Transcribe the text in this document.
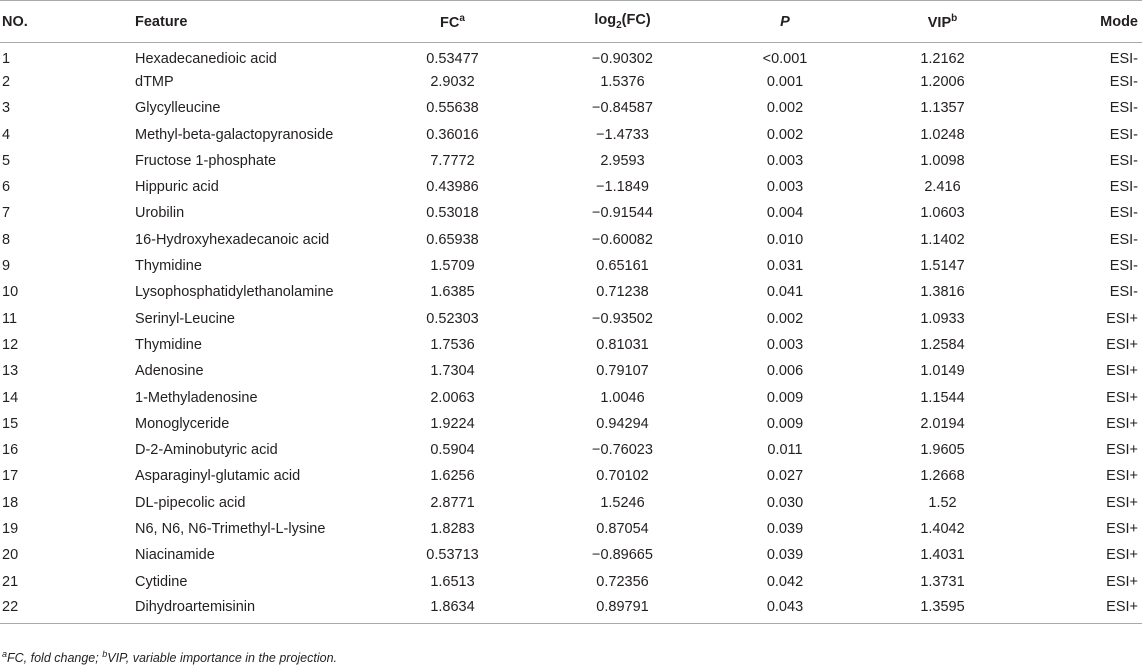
NO.	Feature	$FC^a$	$\log_2(FC)$	P	VIP$^b$	Mode
1	Hexadecanedioic acid	0.53477	−0.90302	<0.001	1.2162	ESI-
2	dTMP	2.9032	1.5376	0.001	1.2006	ESI-
3	Glycylleucine	0.55638	−0.84587	0.002	1.1357	ESI-
4	Methyl-beta-galactopyranoside	0.36016	−1.4733	0.002	1.0248	ESI-
5	Fructose 1-phosphate	7.7772	2.9593	0.003	1.0098	ESI-
6	Hippuric acid	0.43986	−1.1849	0.003	2.416	ESI-
7	Urobilin	0.53018	−0.91544	0.004	1.0603	ESI-
8	16-Hydroxyhexadecanoic acid	0.65938	−0.60082	0.010	1.1402	ESI-
9	Thymidine	1.5709	0.65161	0.031	1.5147	ESI-
10	Lysophosphatidylethanolamine	1.6385	0.71238	0.041	1.3816	ESI-
11	Serinyl-Leucine	0.52303	−0.93502	0.002	1.0933	ESI+
12	Thymidine	1.7536	0.81031	0.003	1.2584	ESI+
13	Adenosine	1.7304	0.79107	0.006	1.0149	ESI+
14	1-Methyladenosine	2.0063	1.0046	0.009	1.1544	ESI+
15	Monoglyceride	1.9224	0.94294	0.009	2.0194	ESI+
16	D-2-Aminobutyric acid	0.5904	−0.76023	0.011	1.9605	ESI+
17	Asparaginyl-glutamic acid	1.6256	0.70102	0.027	1.2668	ESI+
18	DL-pipecolic acid	2.8771	1.5246	0.030	1.52	ESI+
19	N6, N6, N6-Trimethyl-L-lysine	1.8283	0.87054	0.039	1.4042	ESI+
20	Niacinamide	0.53713	−0.89665	0.039	1.4031	ESI+
21	Cytidine	1.6513	0.72356	0.042	1.3731	ESI+
22	Dihydroartemisinin	1.8634	0.89791	0.043	1.3595	ESI+
$^a$FC, fold change; $^b$VIP, variable importance in the projection.
